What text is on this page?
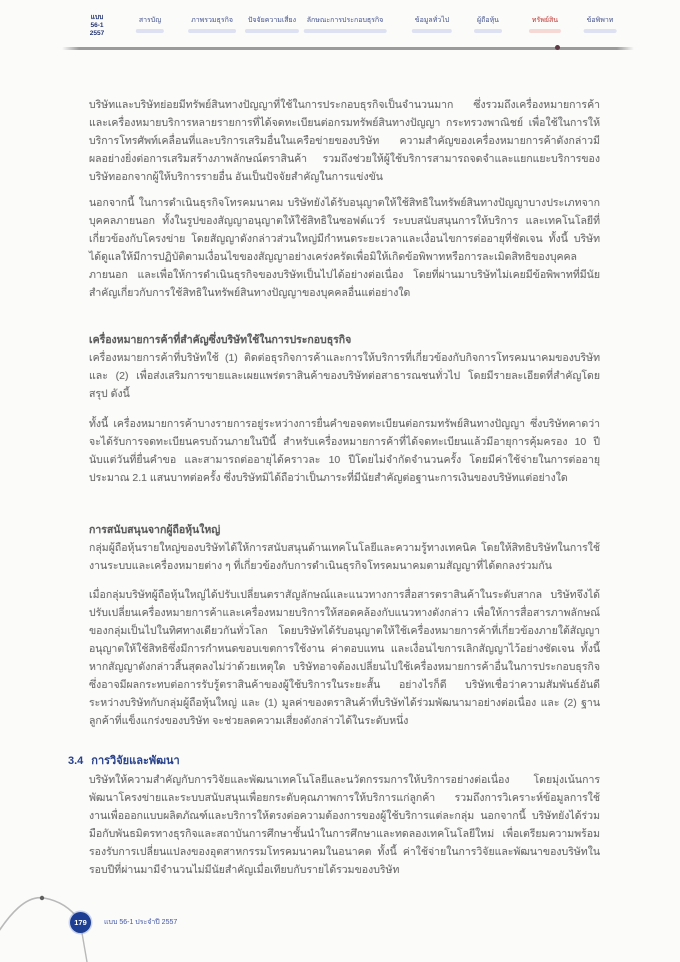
แบบ
56-1
2557
สารบัญ	ภาพรวมธุรกิจ ปัจจัยความเสี่ยง ลักษณะการประกอบธุรกิจ	ข้อมูลทั่วไป	ผู้ถือหุ้น	ทรัพย์สิน	ข้อพิพาท
บริษัทและบริษัทย่อยมีทรัพย์สินทางปัญญาที่ใช้ในการประกอบธุรกิจเป็นจำนวนมาก ซึ่งรวมถึงเครื่องหมายการค้าและเครื่องหมายบริการหลายรายการที่ได้จดทะเบียนต่อกรมทรัพย์สินทางปัญญา กระทรวงพาณิชย์ เพื่อใช้ในการให้บริการโทรศัพท์เคลื่อนที่และบริการเสริมอื่นในเครือข่ายของบริษัท ความสำคัญของเครื่องหมายการค้าดังกล่าวมีผลอย่างยิ่งต่อการเสริมสร้างภาพลักษณ์ตราสินค้า รวมถึงช่วยให้ผู้ใช้บริการสามารถจดจำและแยกแยะบริการของบริษัทออกจากผู้ให้บริการรายอื่น อันเป็นปัจจัยสำคัญในการแข่งขัน
นอกจากนี้ ในการดำเนินธุรกิจโทรคมนาคม บริษัทยังได้รับอนุญาตให้ใช้สิทธิในทรัพย์สินทางปัญญาบางประเภทจากบุคคลภายนอก ทั้งในรูปของสัญญาอนุญาตให้ใช้สิทธิในซอฟต์แวร์ ระบบสนับสนุนการให้บริการ และเทคโนโลยีที่เกี่ยวข้องกับโครงข่าย โดยสัญญาดังกล่าวส่วนใหญ่มีกำหนดระยะเวลาและเงื่อนไขการต่ออายุที่ชัดเจน ทั้งนี้ บริษัทได้ดูแลให้มีการปฏิบัติตามเงื่อนไขของสัญญาอย่างเคร่งครัดเพื่อมิให้เกิดข้อพิพาทหรือการละเมิดสิทธิของบุคคลภายนอก และเพื่อให้การดำเนินธุรกิจของบริษัทเป็นไปได้อย่างต่อเนื่อง โดยที่ผ่านมาบริษัทไม่เคยมีข้อพิพาทที่มีนัยสำคัญเกี่ยวกับการใช้สิทธิในทรัพย์สินทางปัญญาของบุคคลอื่นแต่อย่างใด
เครื่องหมายการค้าที่สำคัญซึ่งบริษัทใช้ในการประกอบธุรกิจ
เครื่องหมายการค้าที่บริษัทใช้ (1) ติดต่อธุรกิจการค้าและการให้บริการที่เกี่ยวข้องกับกิจการโทรคมนาคมของบริษัท และ (2) เพื่อส่งเสริมการขายและเผยแพร่ตราสินค้าของบริษัทต่อสาธารณชนทั่วไป โดยมีรายละเอียดที่สำคัญโดยสรุป ดังนี้
ทั้งนี้ เครื่องหมายการค้าบางรายการอยู่ระหว่างการยื่นคำขอจดทะเบียนต่อกรมทรัพย์สินทางปัญญา ซึ่งบริษัทคาดว่าจะได้รับการจดทะเบียนครบถ้วนภายในปีนี้ สำหรับเครื่องหมายการค้าที่ได้จดทะเบียนแล้วมีอายุการคุ้มครอง 10 ปีนับแต่วันที่ยื่นคำขอ และสามารถต่ออายุได้คราวละ 10 ปีโดยไม่จำกัดจำนวนครั้ง โดยมีค่าใช้จ่ายในการต่ออายุประมาณ 2.1 แสนบาทต่อครั้ง ซึ่งบริษัทมิได้ถือว่าเป็นภาระที่มีนัยสำคัญต่อฐานะการเงินของบริษัทแต่อย่างใด
การสนับสนุนจากผู้ถือหุ้นใหญ่
กลุ่มผู้ถือหุ้นรายใหญ่ของบริษัทได้ให้การสนับสนุนด้านเทคโนโลยีและความรู้ทางเทคนิค โดยให้สิทธิบริษัทในการใช้งานระบบและเครื่องหมายต่าง ๆ ที่เกี่ยวข้องกับการดำเนินธุรกิจโทรคมนาคมตามสัญญาที่ได้ตกลงร่วมกัน
เมื่อกลุ่มบริษัทผู้ถือหุ้นใหญ่ได้ปรับเปลี่ยนตราสัญลักษณ์และแนวทางการสื่อสารตราสินค้าในระดับสากล บริษัทจึงได้ปรับเปลี่ยนเครื่องหมายการค้าและเครื่องหมายบริการให้สอดคล้องกับแนวทางดังกล่าว เพื่อให้การสื่อสารภาพลักษณ์ของกลุ่มเป็นไปในทิศทางเดียวกันทั่วโลก โดยบริษัทได้รับอนุญาตให้ใช้เครื่องหมายการค้าที่เกี่ยวข้องภายใต้สัญญาอนุญาตให้ใช้สิทธิซึ่งมีการกำหนดขอบเขตการใช้งาน ค่าตอบแทน และเงื่อนไขการเลิกสัญญาไว้อย่างชัดเจน ทั้งนี้ หากสัญญาดังกล่าวสิ้นสุดลงไม่ว่าด้วยเหตุใด บริษัทอาจต้องเปลี่ยนไปใช้เครื่องหมายการค้าอื่นในการประกอบธุรกิจ ซึ่งอาจมีผลกระทบต่อการรับรู้ตราสินค้าของผู้ใช้บริการในระยะสั้น อย่างไรก็ดี บริษัทเชื่อว่าความสัมพันธ์อันดีระหว่างบริษัทกับกลุ่มผู้ถือหุ้นใหญ่ และ (1) มูลค่าของตราสินค้าที่บริษัทได้ร่วมพัฒนามาอย่างต่อเนื่อง และ (2) ฐานลูกค้าที่แข็งแกร่งของบริษัท จะช่วยลดความเสี่ยงดังกล่าวได้ในระดับหนึ่ง
3.4 การวิจัยและพัฒนา
บริษัทให้ความสำคัญกับการวิจัยและพัฒนาเทคโนโลยีและนวัตกรรมการให้บริการอย่างต่อเนื่อง โดยมุ่งเน้นการพัฒนาโครงข่ายและระบบสนับสนุนเพื่อยกระดับคุณภาพการให้บริการแก่ลูกค้า รวมถึงการวิเคราะห์ข้อมูลการใช้งานเพื่อออกแบบผลิตภัณฑ์และบริการให้ตรงต่อความต้องการของผู้ใช้บริการแต่ละกลุ่ม นอกจากนี้ บริษัทยังได้ร่วมมือกับพันธมิตรทางธุรกิจและสถาบันการศึกษาชั้นนำในการศึกษาและทดลองเทคโนโลยีใหม่ เพื่อเตรียมความพร้อมรองรับการเปลี่ยนแปลงของอุตสาหกรรมโทรคมนาคมในอนาคต ทั้งนี้ ค่าใช้จ่ายในการวิจัยและพัฒนาของบริษัทในรอบปีที่ผ่านมามีจำนวนไม่มีนัยสำคัญเมื่อเทียบกับรายได้รวมของบริษัท
179	แบบ 56-1 ประจำปี 2557
